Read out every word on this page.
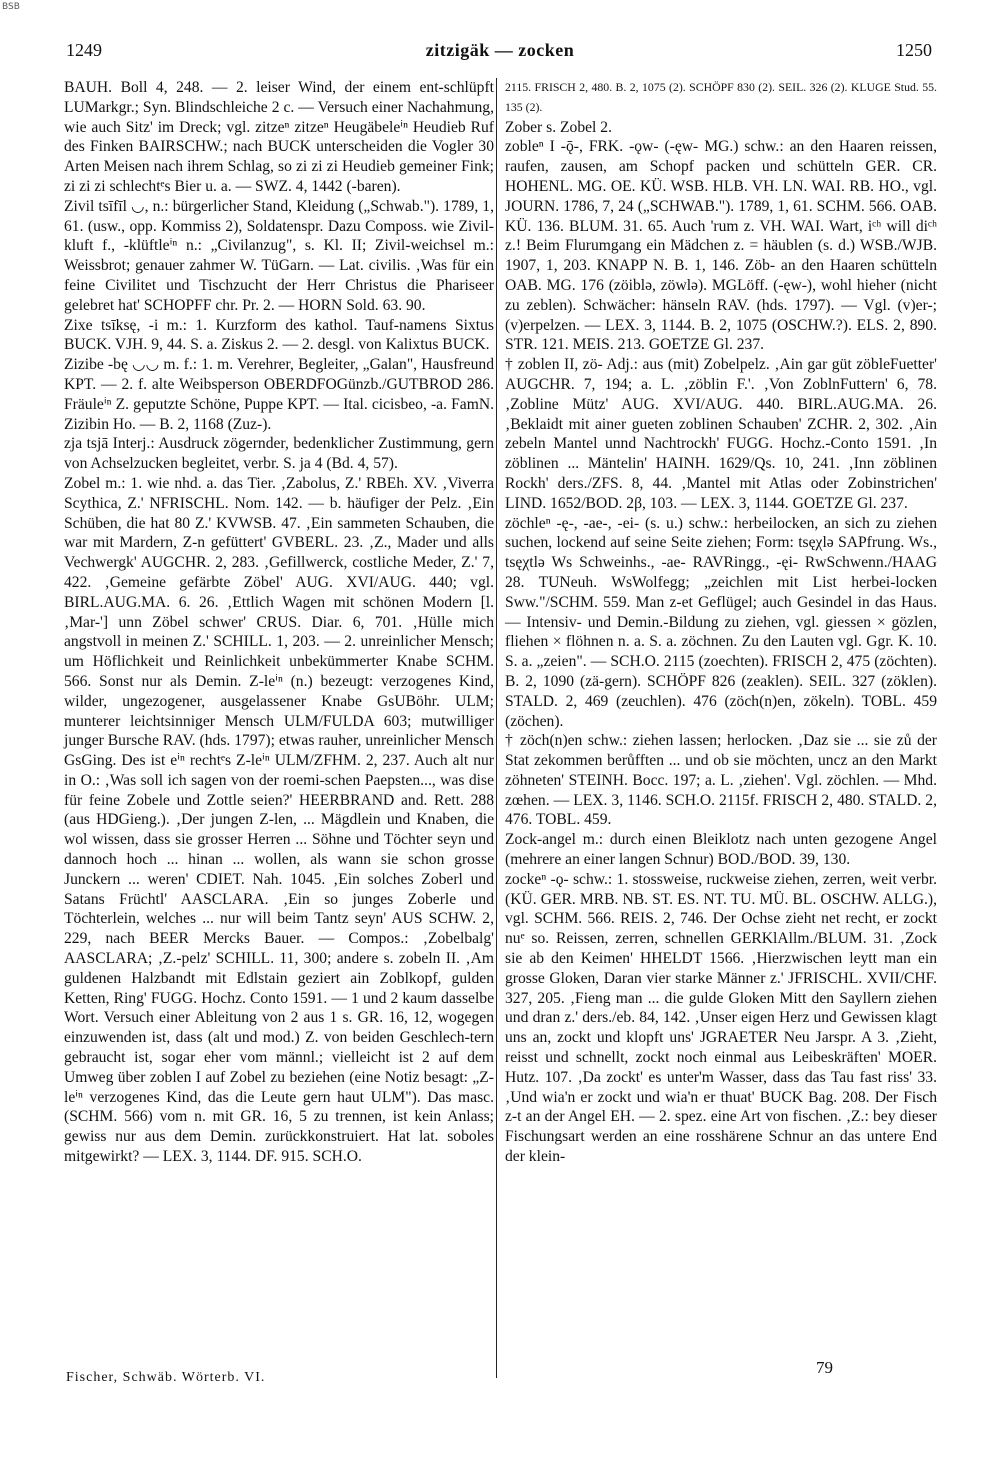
BSB
1249	zitzigäk — zocken	1250

BAUH. Boll 4, 248. — 2. leiser Wind, der einem ent-schlüpft LUMarkgr.; Syn. Blindschleiche 2 c. — Versuch einer Nachahmung, wie auch Sitz' im Dreck; vgl. zitzeⁿ zitzeⁿ Heugäbeleⁱⁿ Heudieb Ruf des Finken BAIRSCHW.; nach BUCK unterscheiden die Vogler 30 Arten Meisen nach ihrem Schlag, so zi zi zi Heudieb gemeiner Fink; zi zi zi schlechtᵉs Bier u. a. — SWZ. 4, 1442 (-baren).

Zivil tsīfīl ◡, n.: bürgerlicher Stand, Kleidung („Schwab."). 1789, 1, 61. (usw., opp. Kommiss 2), Soldatenspr. Dazu Composs. wie Zivil-kluft f., -klüftleⁱⁿ n.: „Civilanzug", s. Kl. II; Zivil-weichsel m.: Weissbrot; genauer zahmer W. TüGarn. — Lat. civilis. ‚Was für ein feine Civilitet und Tischzucht der Herr Christus die Phariseer gelebret hat' SCHOPFF chr. Pr. 2. — HORN Sold. 63. 90.

Zixe tsīksę, -i m.: 1. Kurzform des kathol. Tauf-namens Sixtus BUCK. VJH. 9, 44. S. a. Ziskus 2. — 2. desgl. von Kalixtus BUCK.

Zizibe -bę ◡◡ m. f.: 1. m. Verehrer, Begleiter, „Galan", Hausfreund KPT. — 2. f. alte Weibsperson OBERDFOGünzb./GUTBROD 286. Fräuleⁱⁿ Z. geputzte Schöne, Puppe KPT. — Ital. cicisbeo, -a. FamN. Zizibin Ho. — B. 2, 1168 (Zuz-).

zja tsjā Interj.: Ausdruck zögernder, bedenklicher Zustimmung, gern von Achselzucken begleitet, verbr. S. ja 4 (Bd. 4, 57).

Zobel m.: 1. wie nhd. a. das Tier. ‚Zabolus, Z.' RBEh. XV. ‚Viverra Scythica, Z.' NFRISCHL. Nom. 142. — b. häufiger der Pelz. ‚Ein Schüben, die hat 80 Z.' KVWSB. 47. ‚Ein sammeten Schauben, die war mit Mardern, Z-n gefüttert' GVBERL. 23. ‚Z., Mader und alls Vechwergk' AUGCHR. 2, 283. ‚Gefillwerck, costliche Meder, Z.' 7, 422. ‚Gemeine gefärbte Zöbel' AUG. XVI/AUG. 440; vgl. BIRL.AUG.MA. 6. 26. ‚Ettlich Wagen mit schönen Modern [l. ‚Mar-'] unn Zöbel schwer' CRUS. Diar. 6, 701. ‚Hülle mich angstvoll in meinen Z.' SCHILL. 1, 203. — 2. unreinlicher Mensch; um Höflichkeit und Reinlichkeit unbekümmerter Knabe SCHM. 566. Sonst nur als Demin. Z-leⁱⁿ (n.) bezeugt: verzogenes Kind, wilder, ungezogener, ausgelassener Knabe GsUBöhr. ULM; munterer leichtsinniger Mensch ULM/FULDA 603; mutwilliger junger Bursche RAV. (hds. 1797); etwas rauher, unreinlicher Mensch GsGing. Des ist eⁱⁿ rechtᵉs Z-leⁱⁿ ULM/ZFHM. 2, 237. Auch alt nur in O.: ‚Was soll ich sagen von der roemi-schen Paepsten..., was dise für feine Zobele und Zottle seien?' HEERBRAND and. Rett. 288 (aus HDGieng.). ‚Der jungen Z-len, ... Mägdlein und Knaben, die wol wissen, dass sie grosser Herren ... Söhne und Töchter seyn und dannoch hoch ... hinan ... wollen, als wann sie schon grosse Junckern ... weren' CDIET. Nah. 1045. ‚Ein solches Zoberl und Satans Früchtl' AASCLARA. ‚Ein so junges Zoberle und Töchterlein, welches ... nur will beim Tantz seyn' AUS SCHW. 2, 229, nach BEER Mercks Bauer. — Compos.: ‚Zobelbalg' AASCLARA; ‚Z.-pelz' SCHILL. 11, 300; andere s. zobeln II. ‚Am guldenen Halzbandt mit Edlstain geziert ain Zoblkopf, gulden Ketten, Ring' FUGG. Hochz. Conto 1591. — 1 und 2 kaum dasselbe Wort. Versuch einer Ableitung von 2 aus 1 s. GR. 16, 12, wogegen einzuwenden ist, dass (alt und mod.) Z. von beiden Geschlech-tern gebraucht ist, sogar eher vom männl.; vielleicht ist 2 auf dem Umweg über zoblen I auf Zobel zu beziehen (eine Notiz besagt: „Z-leⁱⁿ verzogenes Kind, das die Leute gern haut ULM"). Das masc. (SCHM. 566) vom n. mit GR. 16, 5 zu trennen, ist kein Anlass; gewiss nur aus dem Demin. zurückkonstruiert. Hat lat. soboles mitgewirkt? — LEX. 3, 1144. DF. 915. SCH.O.

2115. FRISCH 2, 480. B. 2, 1075 (2). SCHÖPF 830 (2). SEIL. 326 (2). KLUGE Stud. 55. 135 (2).

Zober s. Zobel 2.

zobleⁿ I -ǭ-, FRK. -ǫw- (-ęw- MG.) schw.: an den Haaren reissen, raufen, zausen, am Schopf packen und schütteln GER. CR. HOHENL. MG. OE. KÜ. WSB. HLB. VH. LN. WAI. RB. HO., vgl. JOURN. 1786, 7, 24 („SCHWAB."). 1789, 1, 61. SCHM. 566. OAB. KÜ. 136. BLUM. 31. 65. Auch 'rum z. VH. WAI. Wart, iᶜʰ will diᶜʰ z.! Beim Flurumgang ein Mädchen z. = häublen (s. d.) WSB./WJB. 1907, 1, 203. KNAPP N. B. 1, 146. Zöb- an den Haaren schütteln OAB. MG. 176 (zöiblə, zöwlə). MGLöff. (-ęw-), wohl hieher (nicht zu zeblen). Schwächer: hänseln RAV. (hds. 1797). — Vgl. (v)er-; (v)erpelzen. — LEX. 3, 1144. B. 2, 1075 (OSCHW.?). ELS. 2, 890. STR. 121. MEIS. 213. GOETZE Gl. 237.

† zoblen II, zö- Adj.: aus (mit) Zobelpelz. ‚Ain gar güt zöbleFuetter' AUGCHR. 7, 194; a. L. ‚zöblin F.'. ‚Von ZoblnFuttern' 6, 78. ‚Zobline Mütz' AUG. XVI/AUG. 440. BIRL.AUG.MA. 26. ‚Beklaidt mit ainer gueten zoblinen Schauben' ZCHR. 2, 302. ‚Ain zebeln Mantel unnd Nachtrockh' FUGG. Hochz.-Conto 1591. ‚In zöblinen ... Mäntelin' HAINH. 1629/Qs. 10, 241. ‚Inn zöblinen Rockh' ders./ZFS. 8, 44. ‚Mantel mit Atlas oder Zobinstrichen' LIND. 1652/BOD. 2β, 103. — LEX. 3, 1144. GOETZE Gl. 237.

zöchleⁿ -ę-, -ae-, -ei- (s. u.) schw.: herbeilocken, an sich zu ziehen suchen, lockend auf seine Seite ziehen; Form: tsęχlə SAPfrung. Ws., tsęχtlə Ws Schweinhs., -ae- RAVRingg., -ęi- RwSchwenn./HAAG 28. TUNeuh. WsWolfegg; „zeichlen mit List herbei-locken Sww."/SCHM. 559. Man z-et Geflügel; auch Gesindel in das Haus. — Intensiv- und Demin.-Bildung zu ziehen, vgl. giessen × gözlen, fliehen × flöhnen n. a. S. a. zöchnen. Zu den Lauten vgl. Ggr. K. 10. S. a. „zeien". — SCH.O. 2115 (zoechten). FRISCH 2, 475 (zöchten). B. 2, 1090 (zä-gern). SCHÖPF 826 (zeaklen). SEIL. 327 (zöklen). STALD. 2, 469 (zeuchlen). 476 (zöch(n)en, zökeln). TOBL. 459 (zöchen).

† zöch(n)en schw.: ziehen lassen; herlocken. ‚Daz sie ... sie zů der Stat zekommen berůfften ... und ob sie möchten, uncz an den Markt zöhneten' STEINH. Bocc. 197; a. L. ‚ziehen'. Vgl. zöchlen. — Mhd. zœhen. — LEX. 3, 1146. SCH.O. 2115f. FRISCH 2, 480. STALD. 2, 476. TOBL. 459.

Zock-angel m.: durch einen Bleiklotz nach unten gezogene Angel (mehrere an einer langen Schnur) BOD./BOD. 39, 130.

zockeⁿ -ǫ- schw.: 1. stossweise, ruckweise ziehen, zerren, weit verbr. (KÜ. GER. MRB. NB. ST. ES. NT. TU. MÜ. BL. OSCHW. ALLG.), vgl. SCHM. 566. REIS. 2, 746. Der Ochse zieht net recht, er zockt nuᵉ so. Reissen, zerren, schnellen GERKlAllm./BLUM. 31. ‚Zock sie ab den Keimen' HHELDT 1566. ‚Hierzwischen leytt man ein grosse Gloken, Daran vier starke Männer z.' JFRISCHL. XVII/CHF. 327, 205. ‚Fieng man ... die gulde Gloken Mitt den Sayllern ziehen und dran z.' ders./eb. 84, 142. ‚Unser eigen Herz und Gewissen klagt uns an, zockt und klopft uns' JGRAETER Neu Jarspr. A 3. ‚Zieht, reisst und schnellt, zockt noch einmal aus Leibeskräften' MOER. Hutz. 107. ‚Da zockt' es unter'm Wasser, dass das Tau fast riss' 33. ‚Und wia'n er zockt und wia'n er thuat' BUCK Bag. 208. Der Fisch z-t an der Angel EH. — 2. spez. eine Art von fischen. ‚Z.: bey dieser Fischungsart werden an eine rosshärene Schnur an das untere End der klein-

Fischer, Schwäb. Wörterb. VI.
79
